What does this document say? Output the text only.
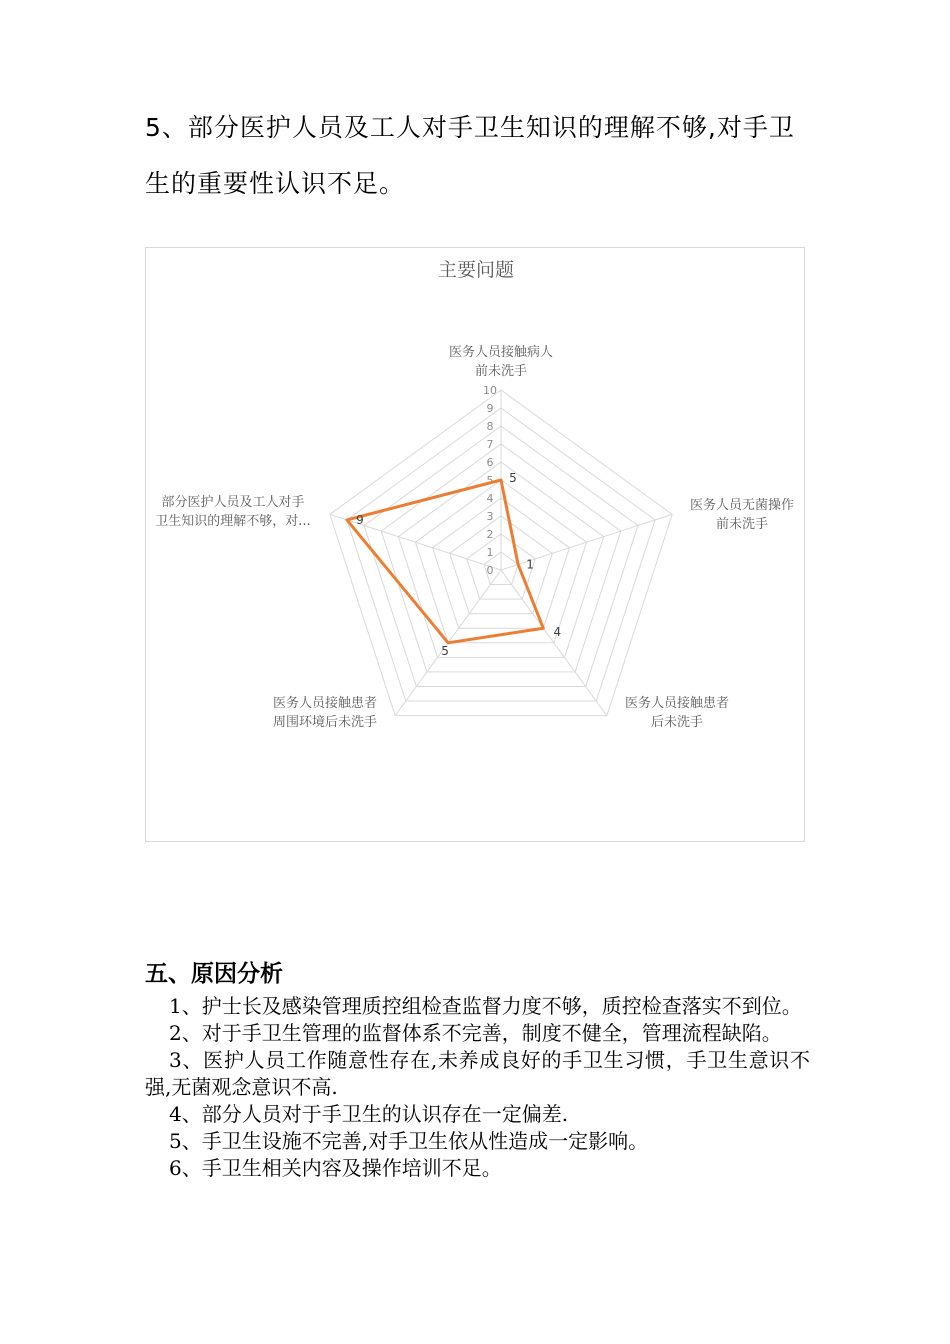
5、部分医护人员及工人对手卫生知识的理解不够,对手卫生的重要性认识不足。
主要问题
0
1
2
3
4
5
6
7
8
9
10
医务人员接触病人
前未洗手
医务人员无菌操作
前未洗手
医务人员接触患者
后未洗手
医务人员接触患者
周围环境后未洗手
部分医护人员及工人对手
卫生知识的理解不够，对...
5
1
4
5
9
五、原因分析

1、护士长及感染管理质控组检查监督力度不够，质控检查落实不到位。

2、对于手卫生管理的监督体系不完善，制度不健全，管理流程缺陷。

3、医护人员工作随意性存在,未养成良好的手卫生习惯，手卫生意识不强,无菌观念意识不高.

4、部分人员对于手卫生的认识存在一定偏差.

5、手卫生设施不完善,对手卫生依从性造成一定影响。

6、手卫生相关内容及操作培训不足。
